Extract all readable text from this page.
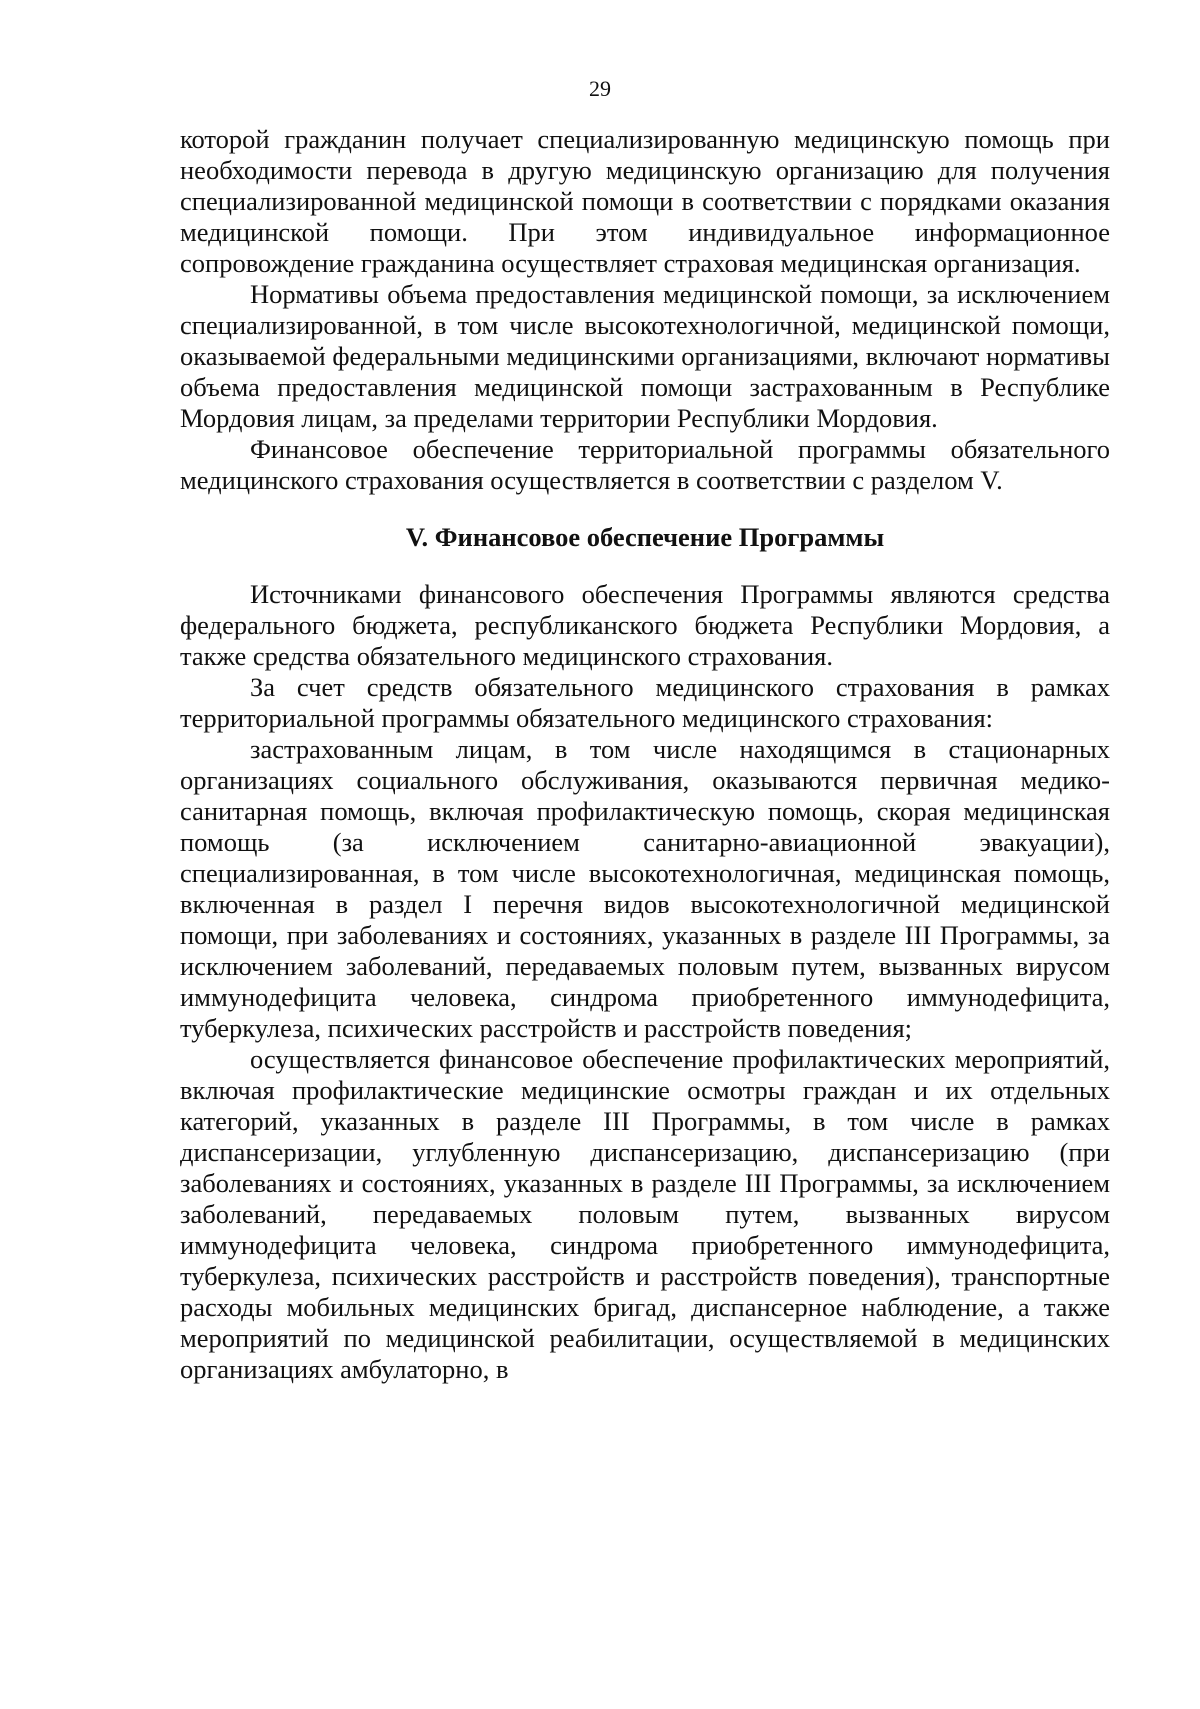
29

которой гражданин получает специализированную медицинскую помощь при необходимости перевода в другую медицинскую организацию для получения специализированной медицинской помощи в соответствии с порядками оказания медицинской помощи. При этом индивидуальное информационное сопровождение гражданина осуществляет страховая медицинская организация.

Нормативы объема предоставления медицинской помощи, за исключением специализированной, в том числе высокотехнологичной, медицинской помощи, оказываемой федеральными медицинскими организациями, включают нормативы объема предоставления медицинской помощи застрахованным в Республике Мордовия лицам, за пределами территории Республики Мордовия.

Финансовое обеспечение территориальной программы обязательного медицинского страхования осуществляется в соответствии с разделом V.

V. Финансовое обеспечение Программы

Источниками финансового обеспечения Программы являются средства федерального бюджета, республиканского бюджета Республики Мордовия, а также средства обязательного медицинского страхования.

За счет средств обязательного медицинского страхования в рамках территориальной программы обязательного медицинского страхования:

застрахованным лицам, в том числе находящимся в стационарных организациях социального обслуживания, оказываются первичная медико-санитарная помощь, включая профилактическую помощь, скорая медицинская помощь (за исключением санитарно-авиационной эвакуации), специализированная, в том числе высокотехнологичная, медицинская помощь, включенная в раздел I перечня видов высокотехнологичной медицинской помощи, при заболеваниях и состояниях, указанных в разделе III Программы, за исключением заболеваний, передаваемых половым путем, вызванных вирусом иммунодефицита человека, синдрома приобретенного иммунодефицита, туберкулеза, психических расстройств и расстройств поведения;

осуществляется финансовое обеспечение профилактических мероприятий, включая профилактические медицинские осмотры граждан и их отдельных категорий, указанных в разделе III Программы, в том числе в рамках диспансеризации, углубленную диспансеризацию, диспансеризацию (при заболеваниях и состояниях, указанных в разделе III Программы, за исключением заболеваний, передаваемых половым путем, вызванных вирусом иммунодефицита человека, синдрома приобретенного иммунодефицита, туберкулеза, психических расстройств и расстройств поведения), транспортные расходы мобильных медицинских бригад, диспансерное наблюдение, а также мероприятий по медицинской реабилитации, осуществляемой в медицинских организациях амбулаторно, в
